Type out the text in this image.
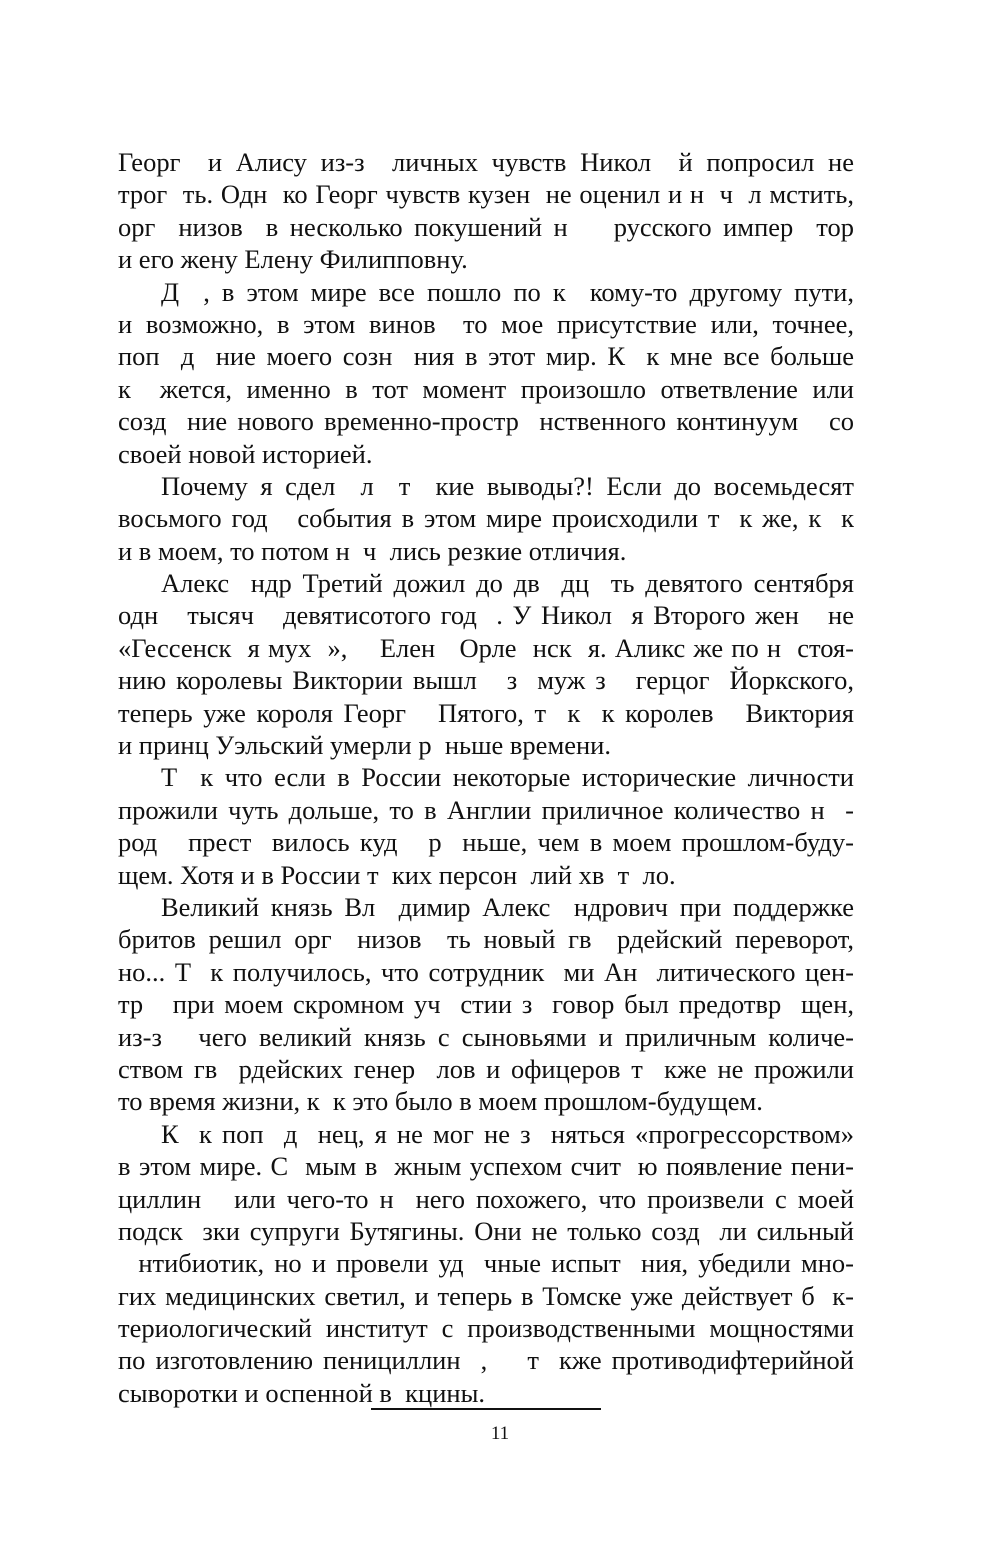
Георг  и Алису из-з  личных чувств Никол  й попросил не
трог  ть. Одн  ко Георг чувств кузен  не оценил и н  ч  л мстить,
орг  низов  в несколько покушений н    русского импер  тор
и его жену Елену Филипповну.
Д  , в этом мире все пошло по к  кому-то другому пути,
и возможно, в этом винов  то мое присутствие или, точнее,
поп  д  ние моего созн  ния в этот мир. К  к мне все больше
к  жется, именно в тот момент произошло ответвление или
созд  ние нового временно-простр  нственного континуум   со
своей новой историей.
Почему я сдел  л  т  кие выводы?! Если до восемьдесят
восьмого год   события в этом мире происходили т  к же, к  к
и в моем, то потом н  ч  лись резкие отличия.
Алекс  ндр Третий дожил до дв  дц  ть девятого сентября
одн   тысяч   девятисотого год  . У Никол  я Второго жен   не
«Гессенск  я мух  »,    Елен   Орле  нск  я. Аликс же по н  стоя-
нию королевы Виктории вышл   з  муж з   герцог  Йоркского,
теперь уже короля Георг   Пятого, т  к  к королев   Виктория
и принц Уэльский умерли р  ньше времени.
Т  к что если в России некоторые исторические личности
прожили чуть дольше, то в Англии приличное количество н  -
род   прест  вилось куд   р  ньше, чем в моем прошлом-буду-
щем. Хотя и в России т  ких персон  лий хв  т  ло.
Великий князь Вл  димир Алекс  ндрович при поддержке
бритов решил орг  низов  ть новый гв  рдейский переворот,
но... Т  к получилось, что сотрудник  ми Ан  литического цен-
тр   при моем скромном уч  стии з  говор был предотвр  щен,
из-з   чего великий князь с сыновьями и приличным количе-
ством гв  рдейских генер  лов и офицеров т  кже не прожили
то время жизни, к  к это было в моем прошлом-будущем.
К  к поп  д  нец, я не мог не з  няться «прогрессорством»
в этом мире. С  мым в  жным успехом счит  ю появление пени-
циллин   или чего-то н  него похожего, что произвели с моей
подск  зки супруги Бутягины. Они не только созд  ли сильный
нтибиотик, но и провели уд  чные испыт  ния, убедили мно-
гих медицинских светил, и теперь в Томске уже действует б  к-
териологический институт с производственными мощностями
по изготовлению пенициллин  ,    т  кже противодифтерийной
сыворотки и оспенной в  кцины.
11
